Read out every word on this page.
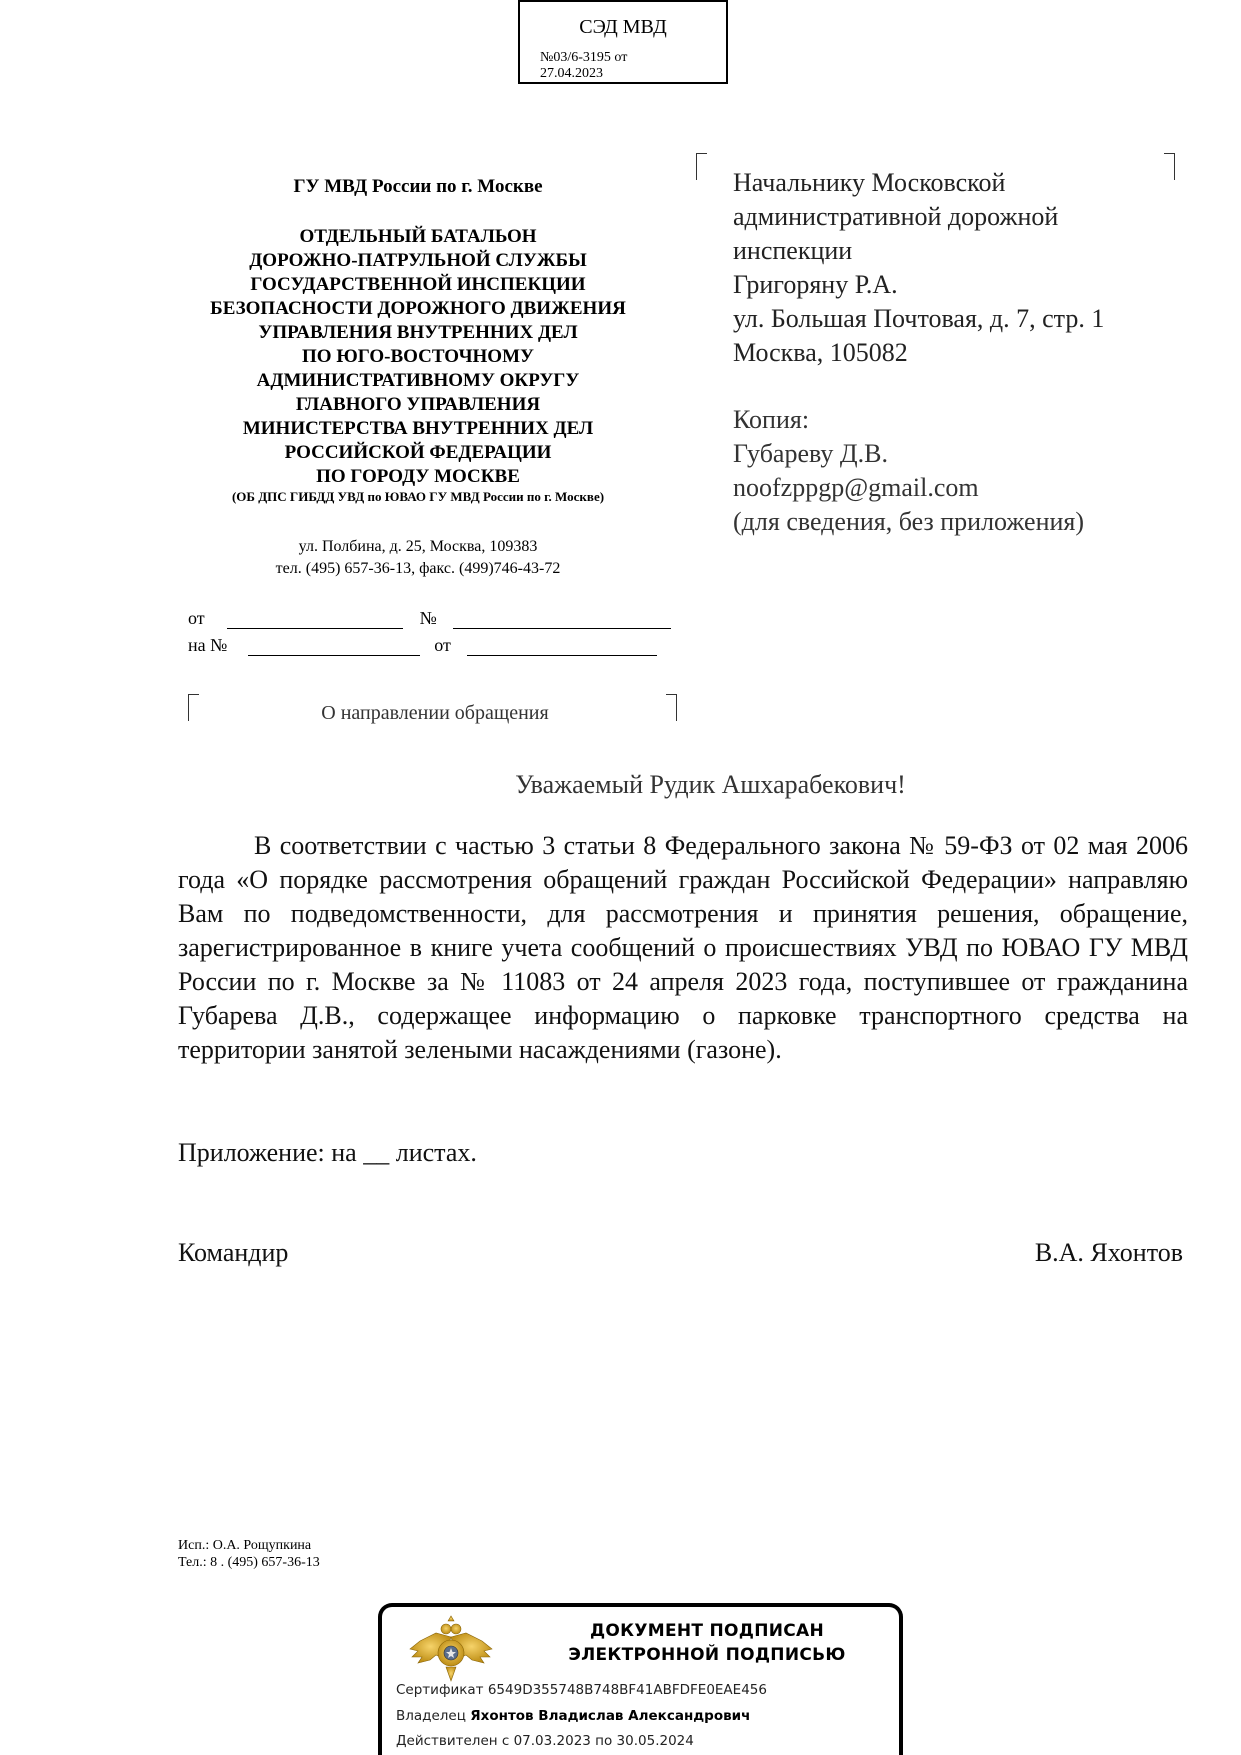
СЭД МВД
№03/6-3195 от
27.04.2023
ГУ МВД России по г. Москве
ОТДЕЛЬНЫЙ БАТАЛЬОН
ДОРОЖНО-ПАТРУЛЬНОЙ СЛУЖБЫ
ГОСУДАРСТВЕННОЙ ИНСПЕКЦИИ
БЕЗОПАСНОСТИ ДОРОЖНОГО ДВИЖЕНИЯ
УПРАВЛЕНИЯ ВНУТРЕННИХ ДЕЛ
ПО ЮГО-ВОСТОЧНОМУ
АДМИНИСТРАТИВНОМУ ОКРУГУ
ГЛАВНОГО УПРАВЛЕНИЯ
МИНИСТЕРСТВА ВНУТРЕННИХ ДЕЛ
РОССИЙСКОЙ ФЕДЕРАЦИИ
ПО ГОРОДУ МОСКВЕ
(ОБ ДПС ГИБДД УВД по ЮВАО ГУ МВД России по г. Москве)
ул. Полбина, д. 25, Москва, 109383
тел. (495) 657-36-13, факс. (499)746-43-72
от	№
на №	от
О направлении обращения
Начальнику Московской
административной дорожной
инспекции
Григоряну Р.А.
ул. Большая Почтовая, д. 7, стр. 1
Москва, 105082
Копия:
Губареву Д.В.
noofzppgp@gmail.com
(для сведения, без приложения)
Уважаемый Рудик Ашхарабекович!
В соответствии с частью 3 статьи 8 Федерального закона № 59-ФЗ от 02 мая 2006 года «О порядке рассмотрения обращений граждан Российской Федерации» направляю Вам по подведомственности, для рассмотрения и принятия решения, обращение, зарегистрированное в книге учета сообщений о происшествиях УВД по ЮВАО ГУ МВД России по г. Москве за № 11083 от 24 апреля 2023 года, поступившее от гражданина Губарева Д.В., содержащее информацию о парковке транспортного средства на территории занятой зелеными насаждениями (газоне).
Приложение: на __ листах.
Командир	В.А. Яхонтов
Исп.: О.А. Рощупкина
Тел.: 8 . (495) 657-36-13
ДОКУМЕНТ ПОДПИСАН
ЭЛЕКТРОННОЙ ПОДПИСЬЮ
Сертификат 6549D355748B748BF41ABFDFE0EAE456
Владелец Яхонтов Владислав Александрович
Действителен с 07.03.2023 по 30.05.2024
